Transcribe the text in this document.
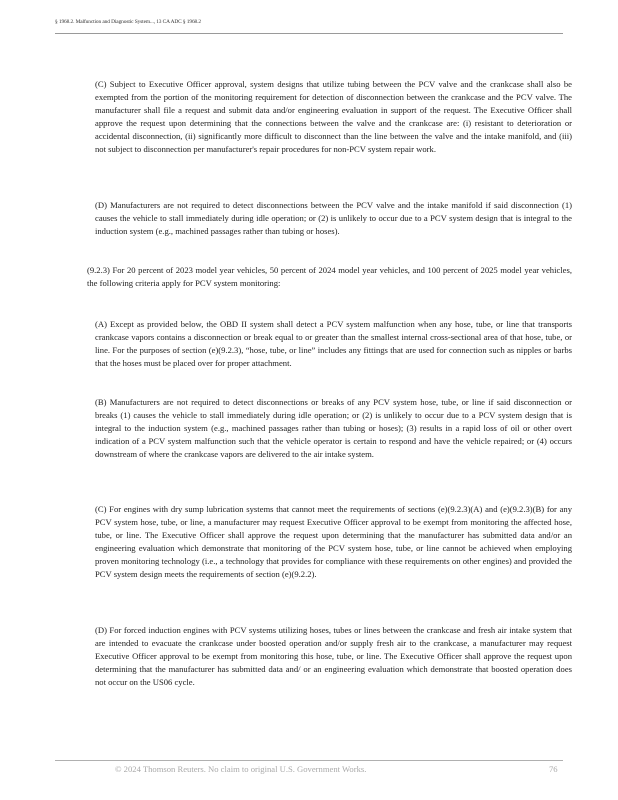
§ 1968.2. Malfunction and Diagnostic System..., 13 CA ADC § 1968.2

(C) Subject to Executive Officer approval, system designs that utilize tubing between the PCV valve and the crankcase shall also be exempted from the portion of the monitoring requirement for detection of disconnection between the crankcase and the PCV valve. The manufacturer shall file a request and submit data and/or engineering evaluation in support of the request. The Executive Officer shall approve the request upon determining that the connections between the valve and the crankcase are: (i) resistant to deterioration or accidental disconnection, (ii) significantly more difficult to disconnect than the line between the valve and the intake manifold, and (iii) not subject to disconnection per manufacturer's repair procedures for non-PCV system repair work.

(D) Manufacturers are not required to detect disconnections between the PCV valve and the intake manifold if said disconnection (1) causes the vehicle to stall immediately during idle operation; or (2) is unlikely to occur due to a PCV system design that is integral to the induction system (e.g., machined passages rather than tubing or hoses).

(9.2.3) For 20 percent of 2023 model year vehicles, 50 percent of 2024 model year vehicles, and 100 percent of 2025 model year vehicles, the following criteria apply for PCV system monitoring:

(A) Except as provided below, the OBD II system shall detect a PCV system malfunction when any hose, tube, or line that transports crankcase vapors contains a disconnection or break equal to or greater than the smallest internal cross-sectional area of that hose, tube, or line. For the purposes of section (e)(9.2.3), “hose, tube, or line” includes any fittings that are used for connection such as nipples or barbs that the hoses must be placed over for proper attachment.

(B) Manufacturers are not required to detect disconnections or breaks of any PCV system hose, tube, or line if said disconnection or breaks (1) causes the vehicle to stall immediately during idle operation; or (2) is unlikely to occur due to a PCV system design that is integral to the induction system (e.g., machined passages rather than tubing or hoses); (3) results in a rapid loss of oil or other overt indication of a PCV system malfunction such that the vehicle operator is certain to respond and have the vehicle repaired; or (4) occurs downstream of where the crankcase vapors are delivered to the air intake system.

(C) For engines with dry sump lubrication systems that cannot meet the requirements of sections (e)(9.2.3)(A) and (e)(9.2.3)(B) for any PCV system hose, tube, or line, a manufacturer may request Executive Officer approval to be exempt from monitoring the affected hose, tube, or line. The Executive Officer shall approve the request upon determining that the manufacturer has submitted data and/or an engineering evaluation which demonstrate that monitoring of the PCV system hose, tube, or line cannot be achieved when employing proven monitoring technology (i.e., a technology that provides for compliance with these requirements on other engines) and provided the PCV system design meets the requirements of section (e)(9.2.2).

(D) For forced induction engines with PCV systems utilizing hoses, tubes or lines between the crankcase and fresh air intake system that are intended to evacuate the crankcase under boosted operation and/or supply fresh air to the crankcase, a manufacturer may request Executive Officer approval to be exempt from monitoring this hose, tube, or line. The Executive Officer shall approve the request upon determining that the manufacturer has submitted data and/ or an engineering evaluation which demonstrate that boosted operation does not occur on the US06 cycle.

© 2024 Thomson Reuters. No claim to original U.S. Government Works.	76
